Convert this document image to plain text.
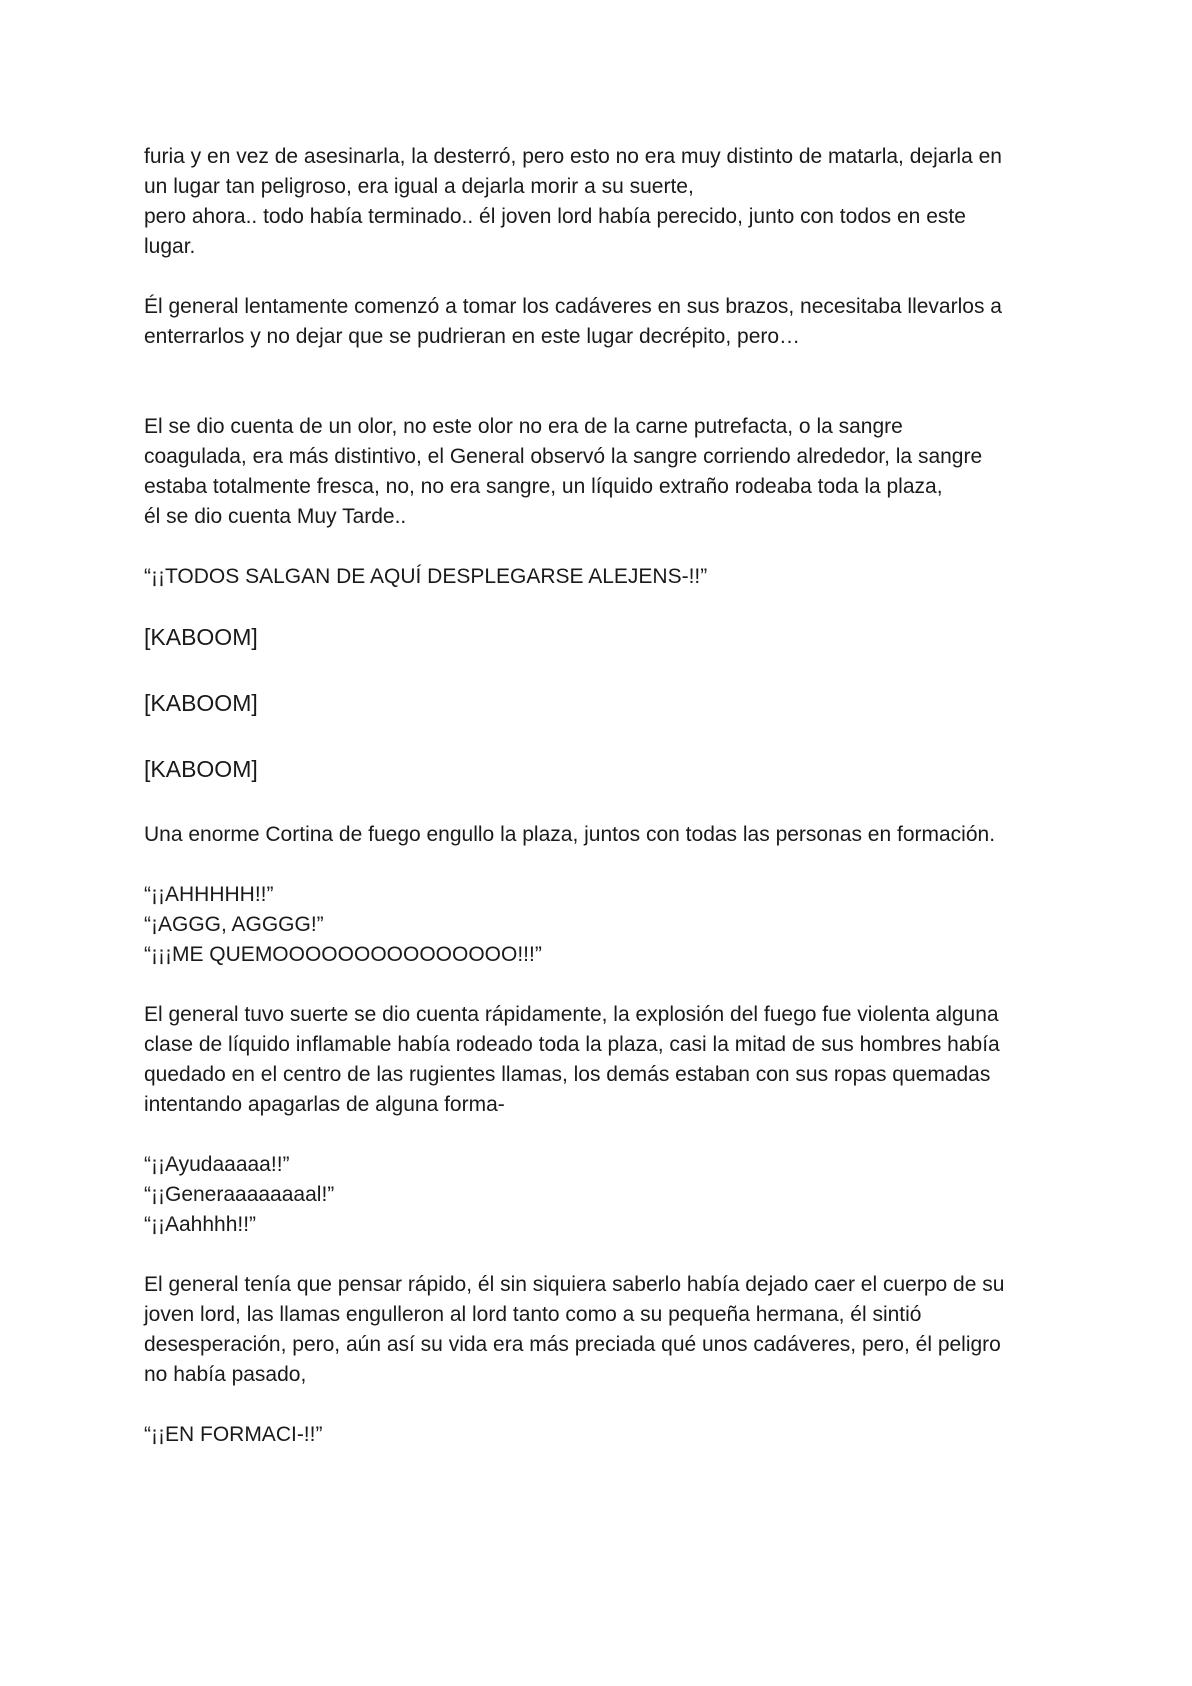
furia y en vez de asesinarla, la desterró, pero esto no era muy distinto de matarla, dejarla en
un lugar tan peligroso, era igual a dejarla morir a su suerte,
pero ahora.. todo había terminado.. él joven lord había perecido, junto con todos en este
lugar.

Él general lentamente comenzó a tomar los cadáveres en sus brazos, necesitaba llevarlos a
enterrarlos y no dejar que se pudrieran en este lugar decrépito, pero…

El se dio cuenta de un olor, no este olor no era de la carne putrefacta, o la sangre
coagulada, era más distintivo, el General observó la sangre corriendo alrededor, la sangre
estaba totalmente fresca, no, no era sangre, un líquido extraño rodeaba toda la plaza,
él se dio cuenta Muy Tarde..

“¡¡TODOS SALGAN DE AQUÍ DESPLEGARSE ALEJENS-!!”

[KABOOM]

[KABOOM]

[KABOOM]

Una enorme Cortina de fuego engullo la plaza, juntos con todas las personas en formación.

“¡¡AHHHHH!!”
“¡AGGG, AGGGG!”
“¡¡¡ME QUEMOOOOOOOOOOOOOOO!!!”

El general tuvo suerte se dio cuenta rápidamente, la explosión del fuego fue violenta alguna
clase de líquido inflamable había rodeado toda la plaza, casi la mitad de sus hombres había
quedado en el centro de las rugientes llamas, los demás estaban con sus ropas quemadas
intentando apagarlas de alguna forma-

“¡¡Ayudaaaaa!!”
“¡¡Generaaaaaaaal!”
“¡¡Aahhhh!!”

El general tenía que pensar rápido, él sin siquiera saberlo había dejado caer el cuerpo de su
joven lord, las llamas engulleron al lord tanto como a su pequeña hermana, él sintió
desesperación, pero, aún así su vida era más preciada qué unos cadáveres, pero, él peligro
no había pasado,

“¡¡EN FORMACI-!!”
